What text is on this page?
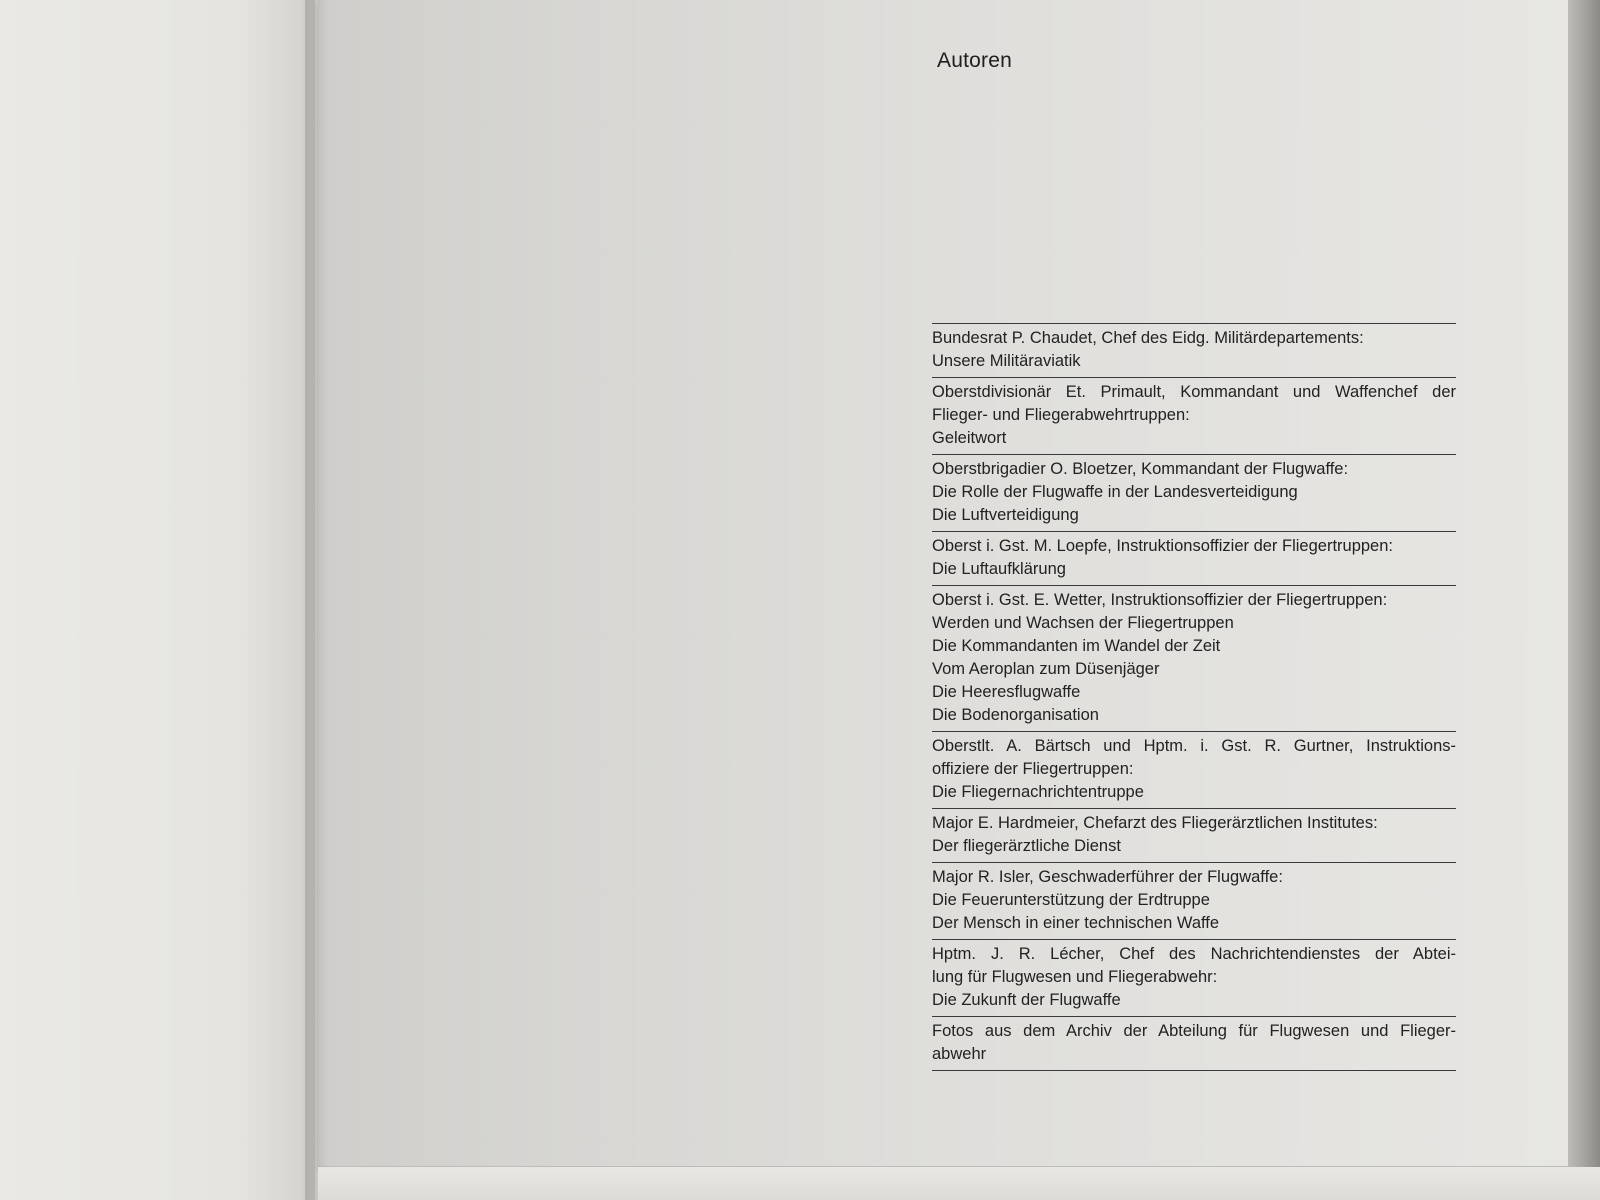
Autoren
Bundesrat P. Chaudet, Chef des Eidg. Militärdepartements:
Unsere Militäraviatik
Oberstdivisionär Et. Primault, Kommandant und Waffenchef der
Flieger- und Fliegerabwehrtruppen:
Geleitwort
Oberstbrigadier O. Bloetzer, Kommandant der Flugwaffe:
Die Rolle der Flugwaffe in der Landesverteidigung
Die Luftverteidigung
Oberst i. Gst. M. Loepfe, Instruktionsoffizier der Fliegertruppen:
Die Luftaufklärung
Oberst i. Gst. E. Wetter, Instruktionsoffizier der Fliegertruppen:
Werden und Wachsen der Fliegertruppen
Die Kommandanten im Wandel der Zeit
Vom Aeroplan zum Düsenjäger
Die Heeresflugwaffe
Die Bodenorganisation
Oberstlt. A. Bärtsch und Hptm. i. Gst. R. Gurtner, Instruktions-
offiziere der Fliegertruppen:
Die Fliegernachrichtentruppe
Major E. Hardmeier, Chefarzt des Fliegerärztlichen Institutes:
Der fliegerärztliche Dienst
Major R. Isler, Geschwaderführer der Flugwaffe:
Die Feuerunterstützung der Erdtruppe
Der Mensch in einer technischen Waffe
Hptm. J. R. Lécher, Chef des Nachrichtendienstes der Abtei-
lung für Flugwesen und Fliegerabwehr:
Die Zukunft der Flugwaffe
Fotos aus dem Archiv der Abteilung für Flugwesen und Flieger-
abwehr
